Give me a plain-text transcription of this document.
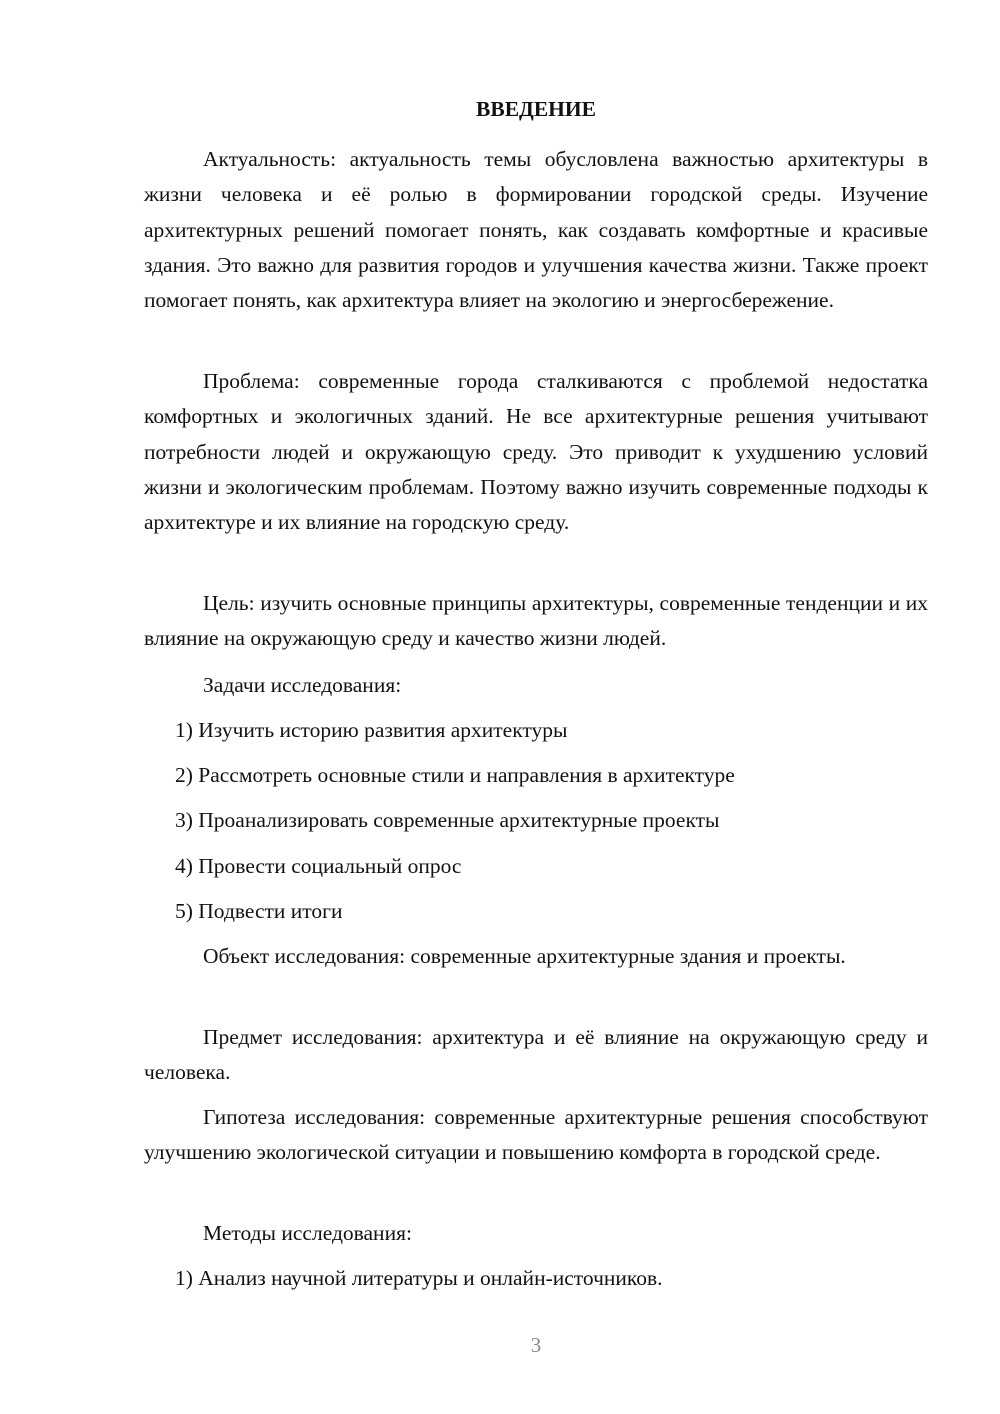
ВВЕДЕНИЕ

Актуальность: актуальность темы обусловлена важностью архитектуры в жизни человека и её ролью в формировании городской среды. Изучение архитектурных решений помогает понять, как создавать комфортные и красивые здания. Это важно для развития городов и улучшения качества жизни. Также проект помогает понять, как архитектура влияет на экологию и энергосбережение.

Проблема: современные города сталкиваются с проблемой недостатка комфортных и экологичных зданий. Не все архитектурные решения учитывают потребности людей и окружающую среду. Это приводит к ухудшению условий жизни и экологическим проблемам. Поэтому важно изучить современные подходы к архитектуре и их влияние на городскую среду.

Цель: изучить основные принципы архитектуры, современные тенденции и их влияние на окружающую среду и качество жизни людей.

Задачи исследования:

1) Изучить историю развития архитектуры
2) Рассмотреть основные стили и направления в архитектуре
3) Проанализировать современные архитектурные проекты
4) Провести социальный опрос
5) Подвести итоги

Объект исследования: современные архитектурные здания и проекты.

Предмет исследования: архитектура и её влияние на окружающую среду и человека.

Гипотеза исследования: современные архитектурные решения способствуют улучшению экологической ситуации и повышению комфорта в городской среде.

Методы исследования:

1) Анализ научной литературы и онлайн-источников.
3
